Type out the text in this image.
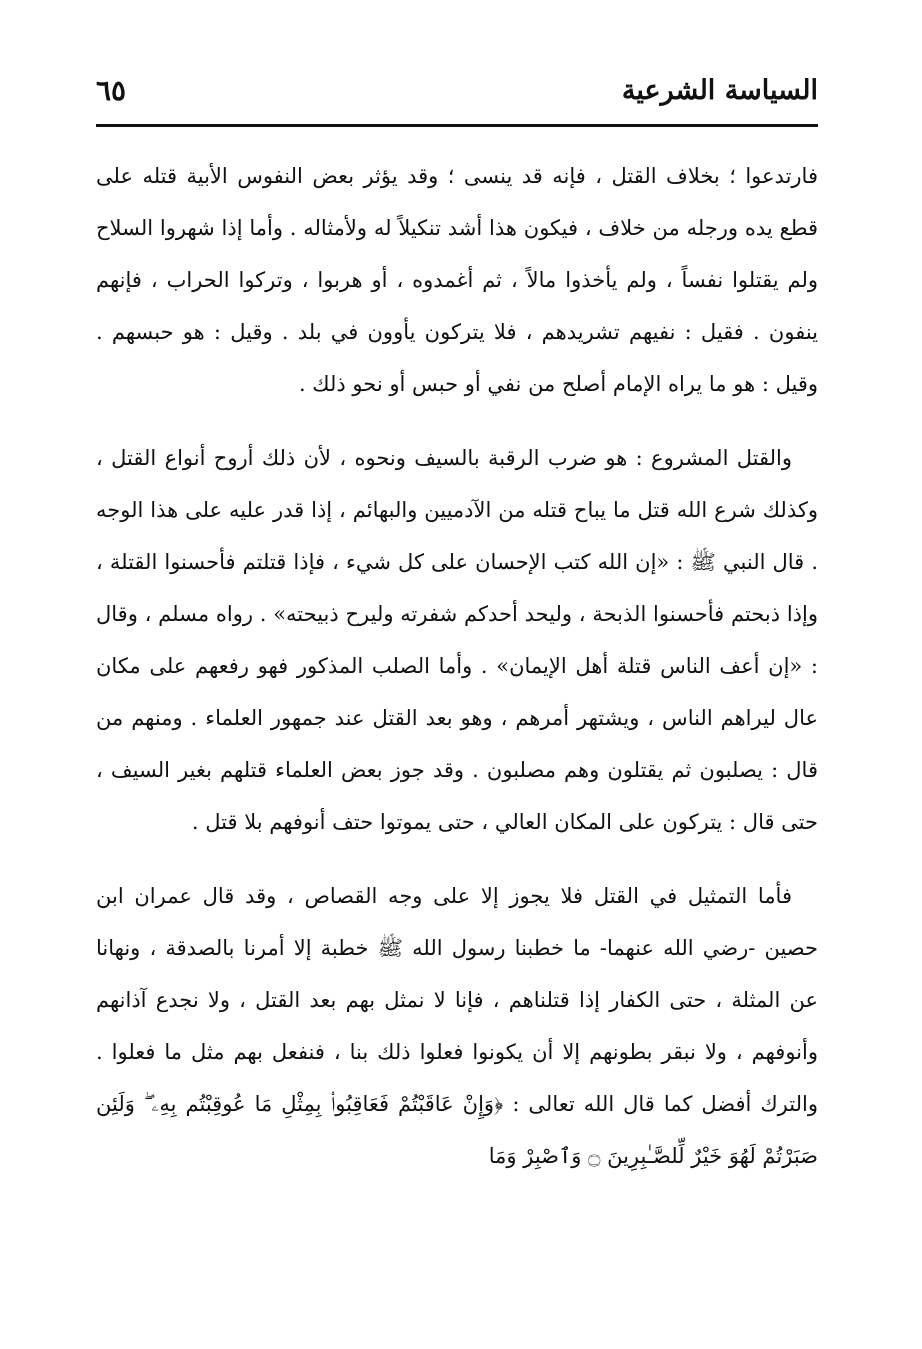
السياسة الشرعية
٦٥

فارتدعوا ؛ بخلاف القتل ، فإنه قد ينسى ؛ وقد يؤثر بعض النفوس الأبية قتله على قطع يده ورجله من خلاف ، فيكون هذا أشد تنكيلاً له ولأمثاله . وأما إذا شهروا السلاح ولم يقتلوا نفساً ، ولم يأخذوا مالاً ، ثم أغمدوه ، أو هربوا ، وتركوا الحراب ، فإنهم ينفون . فقيل : نفيهم تشريدهم ، فلا يتركون يأوون في بلد . وقيل : هو حبسهم . وقيل : هو ما يراه الإمام أصلح من نفي أو حبس أو نحو ذلك .

والقتل المشروع : هو ضرب الرقبة بالسيف ونحوه ، لأن ذلك أروح أنواع القتل ، وكذلك شرع الله قتل ما يباح قتله من الآدميين والبهائم ، إذا قدر عليه على هذا الوجه . قال النبي ﷺ : «إن الله كتب الإحسان على كل شيء ، فإذا قتلتم فأحسنوا القتلة ، وإذا ذبحتم فأحسنوا الذبحة ، وليحد أحدكم شفرته وليرح ذبيحته» . رواه مسلم ، وقال : «إن أعف الناس قتلة أهل الإيمان» . وأما الصلب المذكور فهو رفعهم على مكان عال ليراهم الناس ، ويشتهر أمرهم ، وهو بعد القتل عند جمهور العلماء . ومنهم من قال : يصلبون ثم يقتلون وهم مصلبون . وقد جوز بعض العلماء قتلهم بغير السيف ، حتى قال : يتركون على المكان العالي ، حتى يموتوا حتف أنوفهم بلا قتل .

فأما التمثيل في القتل فلا يجوز إلا على وجه القصاص ، وقد قال عمران ابن حصين -رضي الله عنهما- ما خطبنا رسول الله ﷺ خطبة إلا أمرنا بالصدقة ، ونهانا عن المثلة ، حتى الكفار إذا قتلناهم ، فإنا لا نمثل بهم بعد القتل ، ولا نجدع آذانهم وأنوفهم ، ولا نبقر بطونهم إلا أن يكونوا فعلوا ذلك بنا ، فنفعل بهم مثل ما فعلوا . والترك أفضل كما قال الله تعالى : ﴿وَإِنْ عَاقَبْتُمْ فَعَاقِبُوا۟ بِمِثْلِ مَا عُوقِبْتُم بِهِۦ ۖ وَلَئِن صَبَرْتُمْ لَهُوَ خَيْرٌ لِّلصَّـٰبِرِينَ ۝ وَٱصْبِرْ وَمَا
